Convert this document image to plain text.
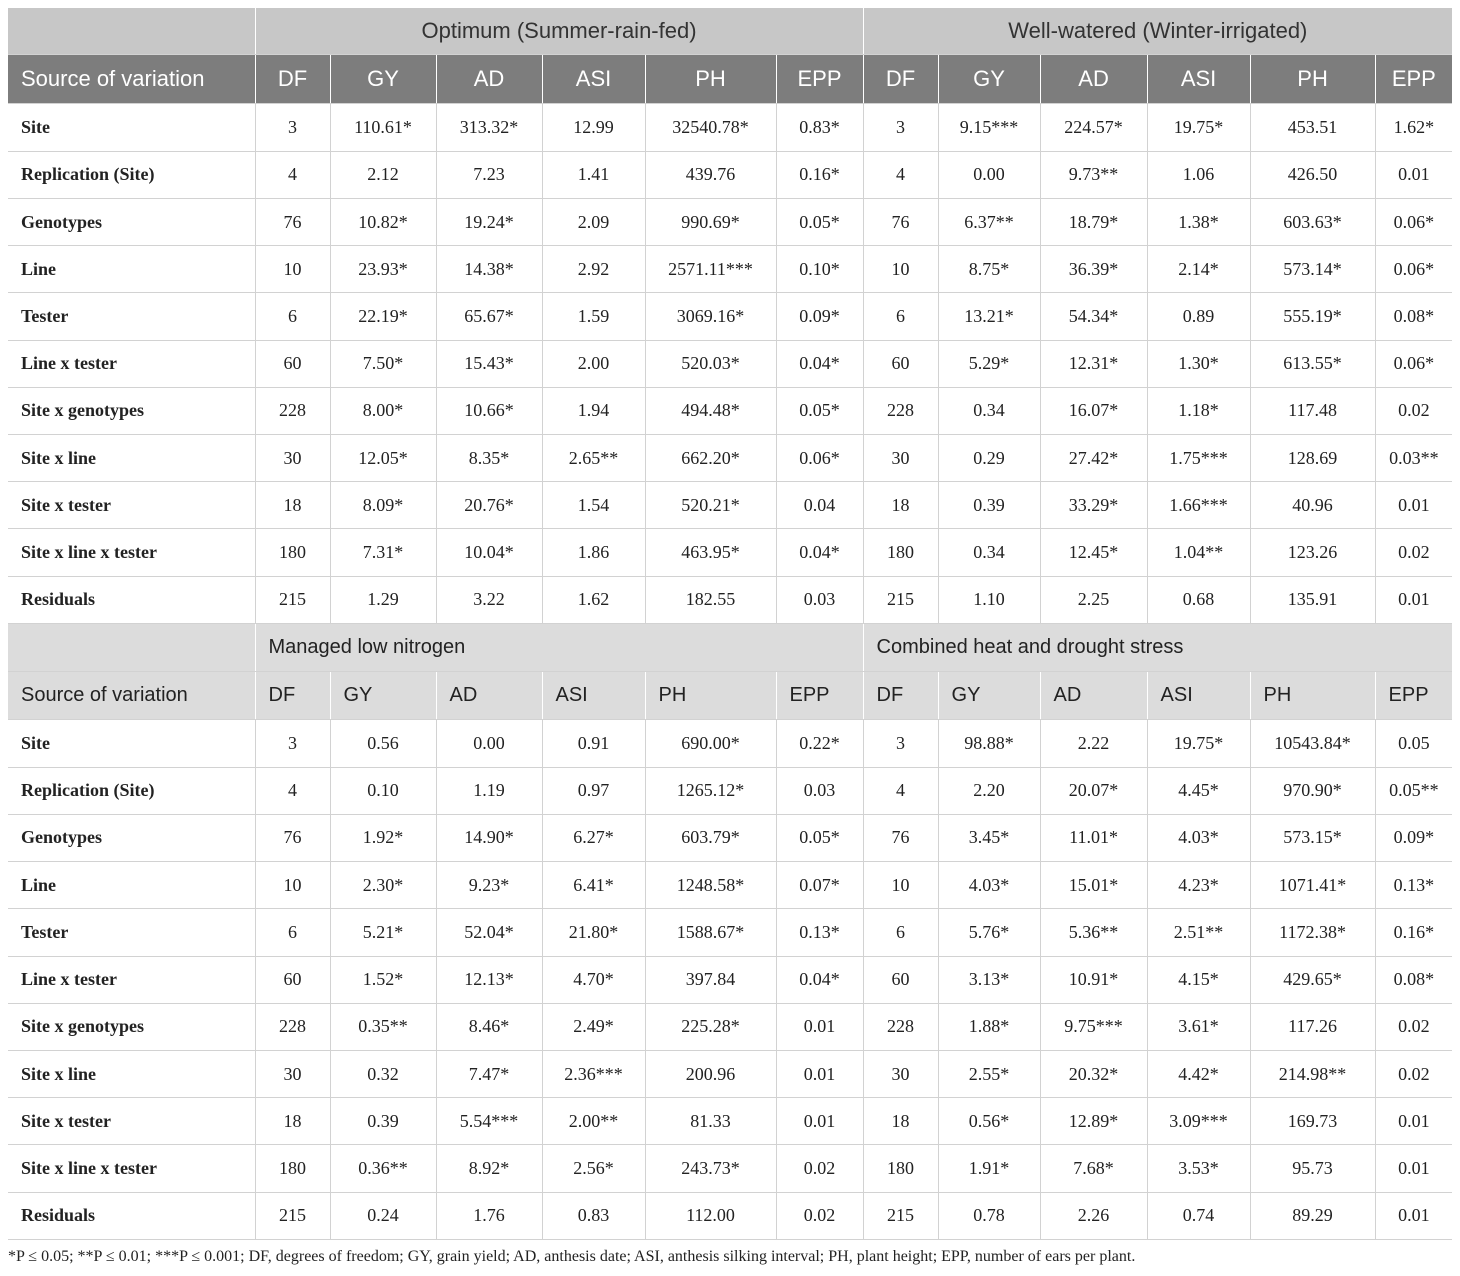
	Optimum (Summer-rain-fed)						Well-watered (Winter-irrigated)					
Source of variation	DF	GY	AD	ASI	PH	EPP	DF	GY	AD	ASI	PH	EPP
Site	3	110.61*	313.32*	12.99	32540.78*	0.83*	3	9.15***	224.57*	19.75*	453.51	1.62*
Replication (Site)	4	2.12	7.23	1.41	439.76	0.16*	4	0.00	9.73**	1.06	426.50	0.01
Genotypes	76	10.82*	19.24*	2.09	990.69*	0.05*	76	6.37**	18.79*	1.38*	603.63*	0.06*
Line	10	23.93*	14.38*	2.92	2571.11***	0.10*	10	8.75*	36.39*	2.14*	573.14*	0.06*
Tester	6	22.19*	65.67*	1.59	3069.16*	0.09*	6	13.21*	54.34*	0.89	555.19*	0.08*
Line x tester	60	7.50*	15.43*	2.00	520.03*	0.04*	60	5.29*	12.31*	1.30*	613.55*	0.06*
Site x genotypes	228	8.00*	10.66*	1.94	494.48*	0.05*	228	0.34	16.07*	1.18*	117.48	0.02
Site x line	30	12.05*	8.35*	2.65**	662.20*	0.06*	30	0.29	27.42*	1.75***	128.69	0.03**
Site x tester	18	8.09*	20.76*	1.54	520.21*	0.04	18	0.39	33.29*	1.66***	40.96	0.01
Site x line x tester	180	7.31*	10.04*	1.86	463.95*	0.04*	180	0.34	12.45*	1.04**	123.26	0.02
Residuals	215	1.29	3.22	1.62	182.55	0.03	215	1.10	2.25	0.68	135.91	0.01
	Managed low nitrogen						Combined heat and drought stress					
Source of variation	DF	GY	AD	ASI	PH	EPP	DF	GY	AD	ASI	PH	EPP
Site	3	0.56	0.00	0.91	690.00*	0.22*	3	98.88*	2.22	19.75*	10543.84*	0.05
Replication (Site)	4	0.10	1.19	0.97	1265.12*	0.03	4	2.20	20.07*	4.45*	970.90*	0.05**
Genotypes	76	1.92*	14.90*	6.27*	603.79*	0.05*	76	3.45*	11.01*	4.03*	573.15*	0.09*
Line	10	2.30*	9.23*	6.41*	1248.58*	0.07*	10	4.03*	15.01*	4.23*	1071.41*	0.13*
Tester	6	5.21*	52.04*	21.80*	1588.67*	0.13*	6	5.76*	5.36**	2.51**	1172.38*	0.16*
Line x tester	60	1.52*	12.13*	4.70*	397.84	0.04*	60	3.13*	10.91*	4.15*	429.65*	0.08*
Site x genotypes	228	0.35**	8.46*	2.49*	225.28*	0.01	228	1.88*	9.75***	3.61*	117.26	0.02
Site x line	30	0.32	7.47*	2.36***	200.96	0.01	30	2.55*	20.32*	4.42*	214.98**	0.02
Site x tester	18	0.39	5.54***	2.00**	81.33	0.01	18	0.56*	12.89*	3.09***	169.73	0.01
Site x line x tester	180	0.36**	8.92*	2.56*	243.73*	0.02	180	1.91*	7.68*	3.53*	95.73	0.01
Residuals	215	0.24	1.76	0.83	112.00	0.02	215	0.78	2.26	0.74	89.29	0.01
*P ≤ 0.05; **P ≤ 0.01; ***P ≤ 0.001; DF, degrees of freedom; GY, grain yield; AD, anthesis date; ASI, anthesis silking interval; PH, plant height; EPP, number of ears per plant.
